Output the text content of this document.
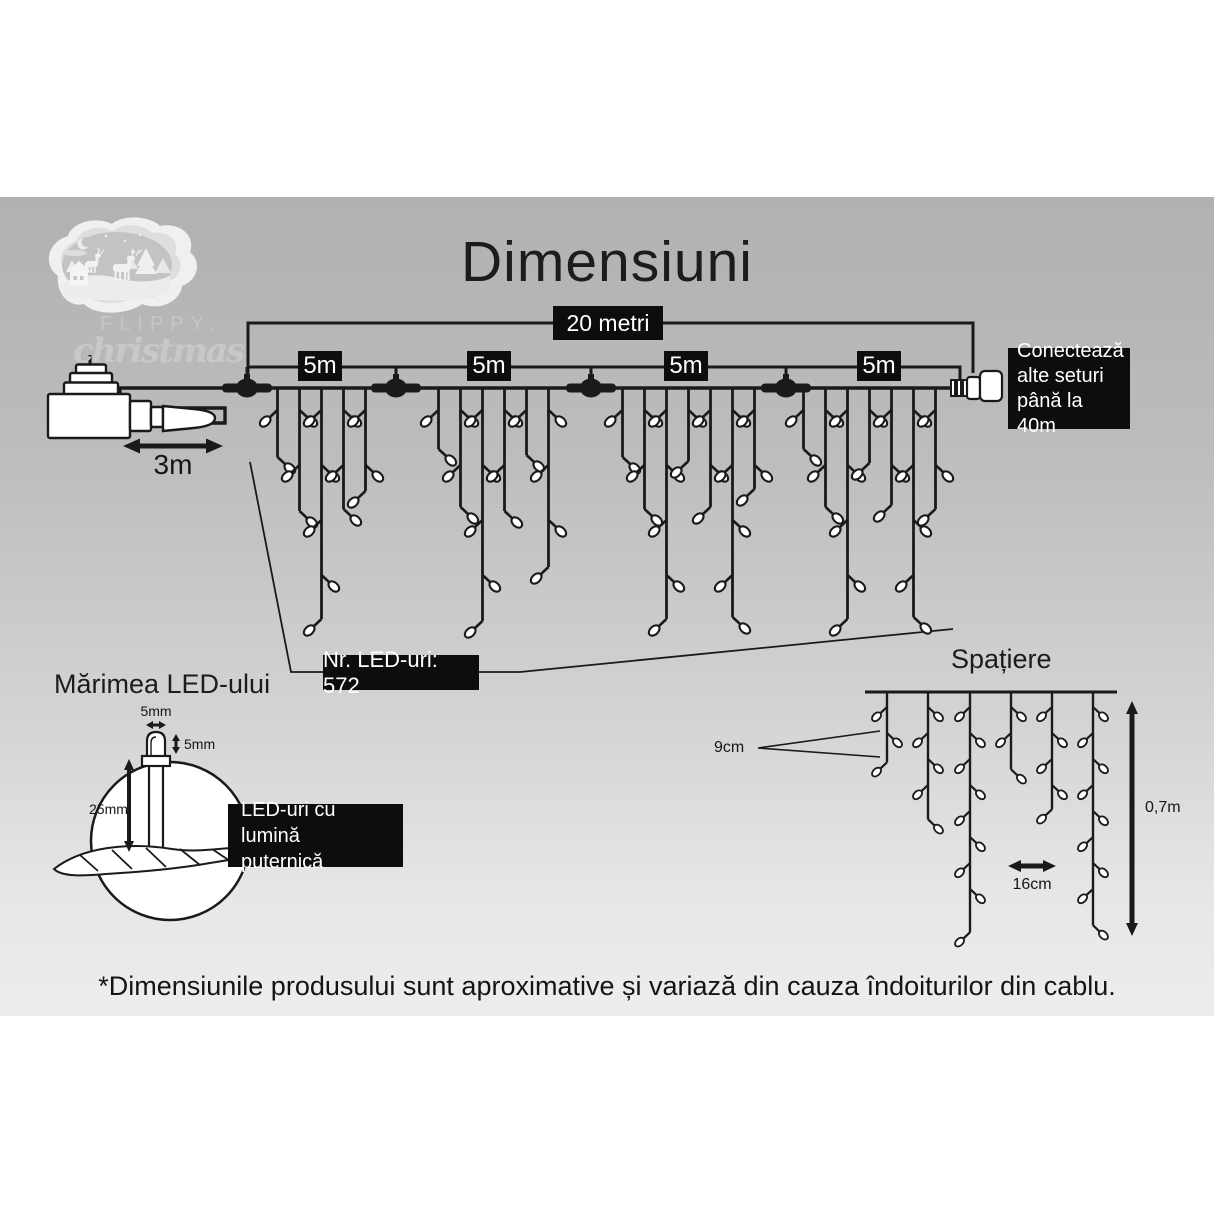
FLIPPY.
christmas
Dimensiuni
20 metri
5m	5m	5m	5m
Conectează
alte seturi
până la 40m
Nr. LED-uri: 572
3m
Mărimea LED-ului
5mm
5mm
25mm	LED-uri cu lumină
puternică
Spațiere
9cm
16cm
0,7m
*Dimensiunile produsului sunt aproximative și variază din cauza îndoiturilor din cablu.
